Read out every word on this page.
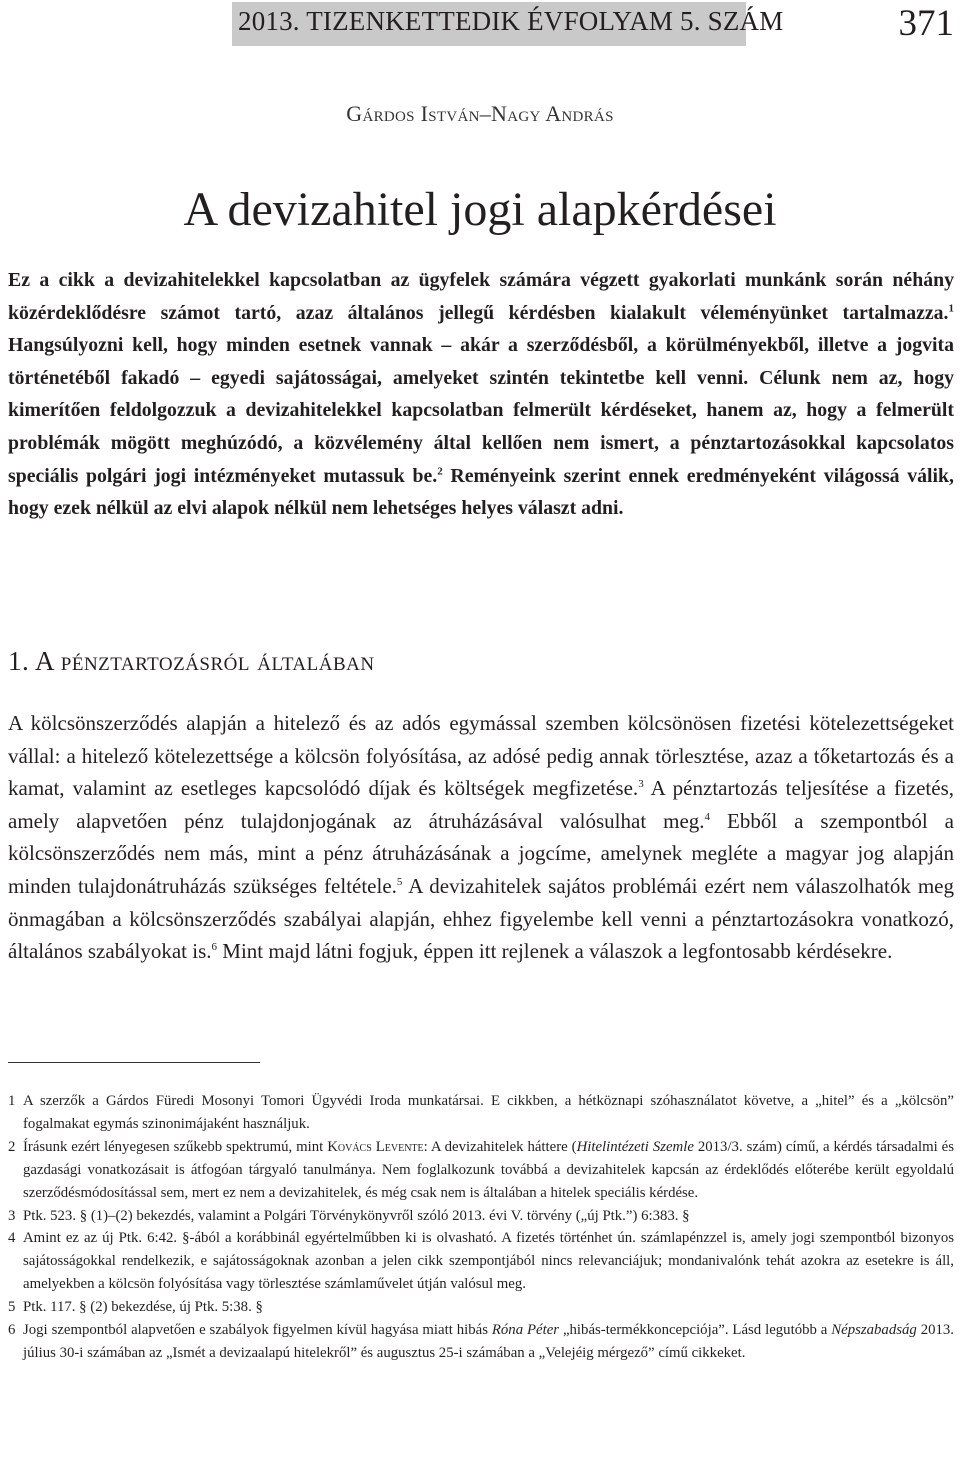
2013. TIZENKETTEDIK ÉVFOLYAM 5. SZÁM	371
Gárdos István–Nagy András
A devizahitel jogi alapkérdései
Ez a cikk a devizahitelekkel kapcsolatban az ügyfelek számára végzett gyakorlati munkánk során néhány közérdeklődésre számot tartó, azaz általános jellegű kérdésben kialakult véleményünket tartalmazza.$^1$ Hangsúlyozni kell, hogy minden esetnek vannak – akár a szerződésből, a körülményekből, illetve a jogvita történetéből fakadó – egyedi sajátosságai, amelyeket szintén tekintetbe kell venni. Célunk nem az, hogy kimerítően feldolgozzuk a devizahitelekkel kapcsolatban felmerült kérdéseket, hanem az, hogy a felmerült problémák mögött meghúzódó, a közvélemény által kellően nem ismert, a pénztartozásokkal kapcsolatos speciális polgári jogi intézményeket mutassuk be.$^2$ Reményeink szerint ennek eredményeként világossá válik, hogy ezek nélkül az elvi alapok nélkül nem lehetséges helyes választ adni.
1. A pénztartozásról általában
A kölcsönszerződés alapján a hitelező és az adós egymással szemben kölcsönösen fizetési kötelezettségeket vállal: a hitelező kötelezettsége a kölcsön folyósítása, az adósé pedig annak törlesztése, azaz a tőketartozás és a kamat, valamint az esetleges kapcsolódó díjak és költségek megfizetése.$^3$ A pénztartozás teljesítése a fizetés, amely alapvetően pénz tulajdonjogának az átruházásával valósulhat meg.$^4$ Ebből a szempontból a kölcsönszerződés nem más, mint a pénz átruházásának a jogcíme, amelynek megléte a magyar jog alapján minden tulajdonátruházás szükséges feltétele.$^5$ A devizahitelek sajátos problémái ezért nem válaszolhatók meg önmagában a kölcsönszerződés szabályai alapján, ehhez figyelembe kell venni a pénztartozásokra vonatkozó, általános szabályokat is.$^6$ Mint majd látni fogjuk, éppen itt rejlenek a válaszok a legfontosabb kérdésekre.

1 A szerzők a Gárdos Füredi Mosonyi Tomori Ügyvédi Iroda munkatársai. E cikkben, a hétköznapi szóhasználatot követve, a „hitel” és a „kölcsön” fogalmakat egymás szinonimájaként használjuk.

2 Írásunk ezért lényegesen szűkebb spektrumú, mint Kovács Levente: A devizahitelek háttere (Hitelintézeti Szemle 2013/3. szám) című, a kérdés társadalmi és gazdasági vonatkozásait is átfogóan tárgyaló tanulmánya. Nem foglalkozunk továbbá a devizahitelek kapcsán az érdeklődés előterébe került egyoldalú szerződésmódosítással sem, mert ez nem a devizahitelek, és még csak nem is általában a hitelek speciális kérdése.

3 Ptk. 523. § (1)–(2) bekezdés, valamint a Polgári Törvénykönyvről szóló 2013. évi V. törvény („új Ptk.”) 6:383. §

4 Amint ez az új Ptk. 6:42. §-ából a korábbinál egyértelműbben ki is olvasható. A fizetés történhet ún. számlapénzzel is, amely jogi szempontból bizonyos sajátosságokkal rendelkezik, e sajátosságoknak azonban a jelen cikk szempontjából nincs relevanciájuk; mondanivalónk tehát azokra az esetekre is áll, amelyekben a kölcsön folyósítása vagy törlesztése számlaművelet útján valósul meg.

5 Ptk. 117. § (2) bekezdése, új Ptk. 5:38. §

6 Jogi szempontból alapvetően e szabályok figyelmen kívül hagyása miatt hibás Róna Péter „hibás-termékkoncepciója”. Lásd legutóbb a Népszabadság 2013. július 30-i számában az „Ismét a devizaalapú hitelekről” és augusztus 25-i számában a „Velejéig mérgező” című cikkeket.
